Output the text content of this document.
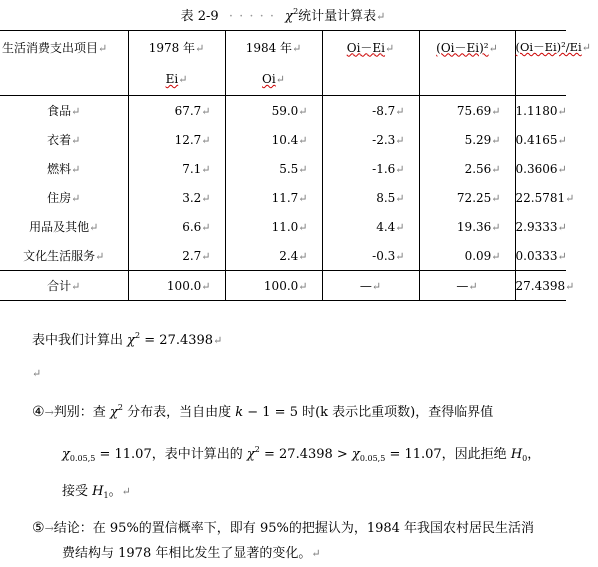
表 2-9 · · · · · $\chi^2$统计量计算表↵
生活消费支出项目↵	1978 年↵	1984 年↵	Oi－Ei↵	(Oi－Ei)²↵	(Oi－Ei)²/Ei↵
	Ei↵	Oi↵			
食品↵	67.7↵	59.0↵	-8.7↵	75.69↵	1.1180↵
衣着↵	12.7↵	10.4↵	-2.3↵	5.29↵	0.4165↵
燃料↵	7.1↵	5.5↵	-1.6↵	2.56↵	0.3606↵
住房↵	3.2↵	11.7↵	8.5↵	72.25↵	22.5781↵
用品及其他↵	6.6↵	11.0↵	4.4↵	19.36↵	2.9333↵
文化生活服务↵	2.7↵	2.4↵	-0.3↵	0.09↵	0.0333↵
合计↵	100.0↵	100.0↵	—↵	—↵	27.4398↵
表中我们计算出 $\chi^2$ = 27.4398↵
↵
④→判别：查 $\chi^2$ 分布表，当自由度 k − 1 = 5 时(k 表示比重项数)，查得临界值
$\chi_{0.05,5} = 11.07$，表中计算出的 $\chi^2 = 27.4398 > \chi_{0.05,5} = 11.07$，因此拒绝 $H_0$，
接受 $H_1$。↵
⑤→结论：在 95%的置信概率下，即有 95%的把握认为，1984 年我国农村居民生活消
费结构与 1978 年相比发生了显著的变化。↵
